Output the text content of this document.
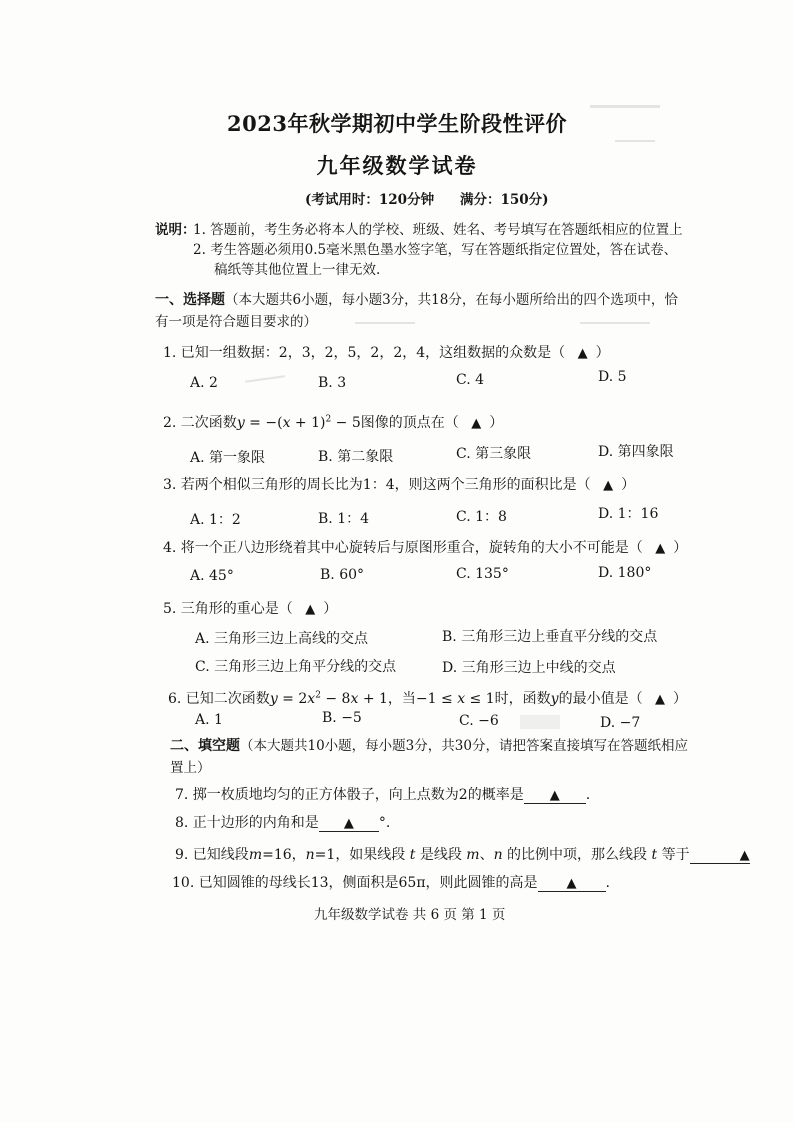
2023年秋学期初中学生阶段性评价
九年级数学试卷
(考试用时：120分钟 满分：150分)
说明：
1. 答题前，考生务必将本人的学校、班级、姓名、考号填写在答题纸相应的位置上
2. 考生答题必须用0.5毫米黑色墨水签字笔，写在答题纸指定位置处，答在试卷、
稿纸等其他位置上一律无效.
一、选择题（本大题共6小题，每小题3分，共18分，在每小题所给出的四个选项中，恰
有一项是符合题目要求的）
1. 已知一组数据：2，3，2，5，2，2，4，这组数据的众数是（ ▲ ）
A. 2	B. 3	C. 4	D. 5
2. 二次函数$y = -(x + 1)^2 - 5$图像的顶点在（ ▲ ）
A. 第一象限	B. 第二象限	C. 第三象限	D. 第四象限
3. 若两个相似三角形的周长比为1：4，则这两个三角形的面积比是（ ▲ ）
A. 1：2	B. 1：4	C. 1：8	D. 1：16
4. 将一个正八边形绕着其中心旋转后与原图形重合，旋转角的大小不可能是（ ▲ ）
A. 45°	B. 60°	C. 135°	D. 180°
5. 三角形的重心是（ ▲ ）
A. 三角形三边上高线的交点	B. 三角形三边上垂直平分线的交点
C. 三角形三边上角平分线的交点	D. 三角形三边上中线的交点
6. 已知二次函数$y = 2x^2 - 8x + 1$，当−1 ≤ x ≤ 1时，函数y的最小值是（ ▲ ）
A. 1	B. −5	C. −6	D. −7
二、填空题（本大题共10小题，每小题3分，共30分，请把答案直接填写在答题纸相应
置上）
7. 掷一枚质地均匀的正方体骰子，向上点数为2的概率是 ▲ .
8. 正十边形的内角和是 ▲ °.
9. 已知线段m=16，n=1，如果线段 t 是线段 m、n 的比例中项，那么线段 t 等于	▲
10. 已知圆锥的母线长13，侧面积是65π，则此圆锥的高是 ▲ .
九年级数学试卷 共 6 页 第 1 页
